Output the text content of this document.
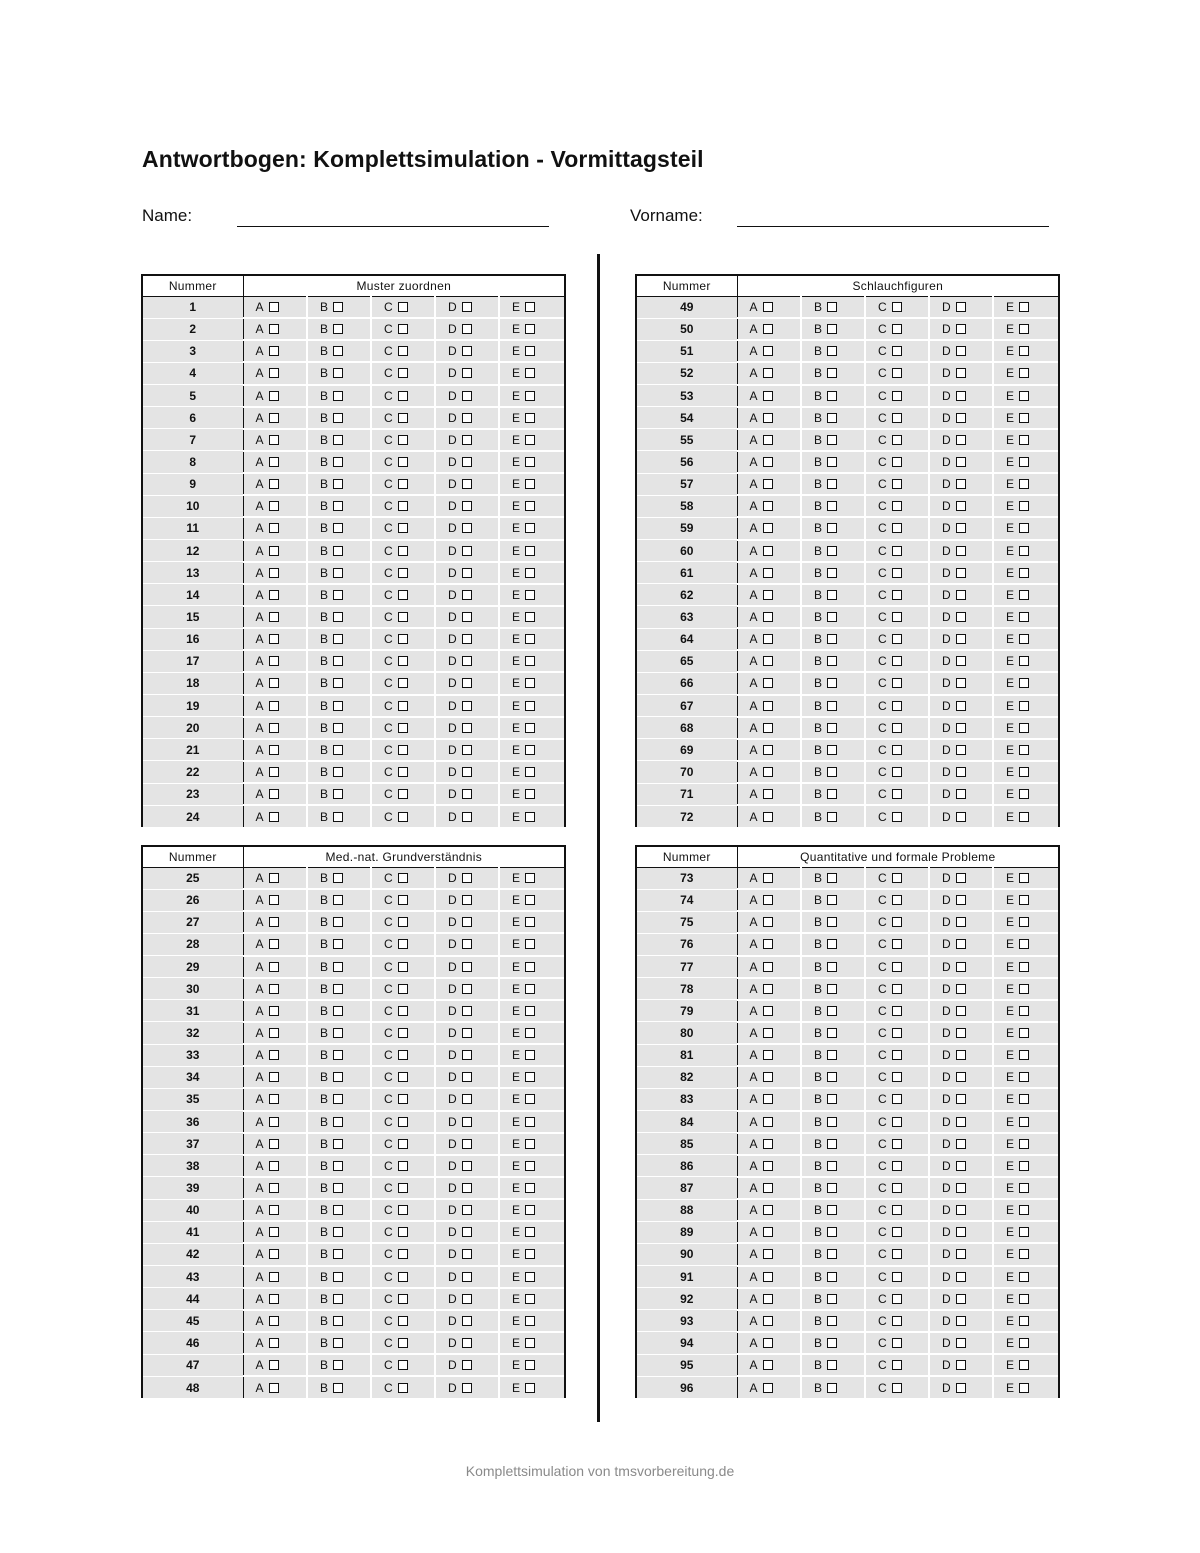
Antwortbogen: Komplettsimulation - Vormittagsteil
Name:	Vorname:
Nummer	Muster zuordnen				
1	A	B	C	D	E
2	A	B	C	D	E
3	A	B	C	D	E
4	A	B	C	D	E
5	A	B	C	D	E
6	A	B	C	D	E
7	A	B	C	D	E
8	A	B	C	D	E
9	A	B	C	D	E
10	A	B	C	D	E
11	A	B	C	D	E
12	A	B	C	D	E
13	A	B	C	D	E
14	A	B	C	D	E
15	A	B	C	D	E
16	A	B	C	D	E
17	A	B	C	D	E
18	A	B	C	D	E
19	A	B	C	D	E
20	A	B	C	D	E
21	A	B	C	D	E
22	A	B	C	D	E
23	A	B	C	D	E
24	A	B	C	D	E
Nummer	Schlauchfiguren				
49	A	B	C	D	E
50	A	B	C	D	E
51	A	B	C	D	E
52	A	B	C	D	E
53	A	B	C	D	E
54	A	B	C	D	E
55	A	B	C	D	E
56	A	B	C	D	E
57	A	B	C	D	E
58	A	B	C	D	E
59	A	B	C	D	E
60	A	B	C	D	E
61	A	B	C	D	E
62	A	B	C	D	E
63	A	B	C	D	E
64	A	B	C	D	E
65	A	B	C	D	E
66	A	B	C	D	E
67	A	B	C	D	E
68	A	B	C	D	E
69	A	B	C	D	E
70	A	B	C	D	E
71	A	B	C	D	E
72	A	B	C	D	E
Nummer	Med.-nat. Grundverständnis				
25	A	B	C	D	E
26	A	B	C	D	E
27	A	B	C	D	E
28	A	B	C	D	E
29	A	B	C	D	E
30	A	B	C	D	E
31	A	B	C	D	E
32	A	B	C	D	E
33	A	B	C	D	E
34	A	B	C	D	E
35	A	B	C	D	E
36	A	B	C	D	E
37	A	B	C	D	E
38	A	B	C	D	E
39	A	B	C	D	E
40	A	B	C	D	E
41	A	B	C	D	E
42	A	B	C	D	E
43	A	B	C	D	E
44	A	B	C	D	E
45	A	B	C	D	E
46	A	B	C	D	E
47	A	B	C	D	E
48	A	B	C	D	E
Nummer	Quantitative und formale Probleme				
73	A	B	C	D	E
74	A	B	C	D	E
75	A	B	C	D	E
76	A	B	C	D	E
77	A	B	C	D	E
78	A	B	C	D	E
79	A	B	C	D	E
80	A	B	C	D	E
81	A	B	C	D	E
82	A	B	C	D	E
83	A	B	C	D	E
84	A	B	C	D	E
85	A	B	C	D	E
86	A	B	C	D	E
87	A	B	C	D	E
88	A	B	C	D	E
89	A	B	C	D	E
90	A	B	C	D	E
91	A	B	C	D	E
92	A	B	C	D	E
93	A	B	C	D	E
94	A	B	C	D	E
95	A	B	C	D	E
96	A	B	C	D	E
Komplettsimulation von tmsvorbereitung.de
